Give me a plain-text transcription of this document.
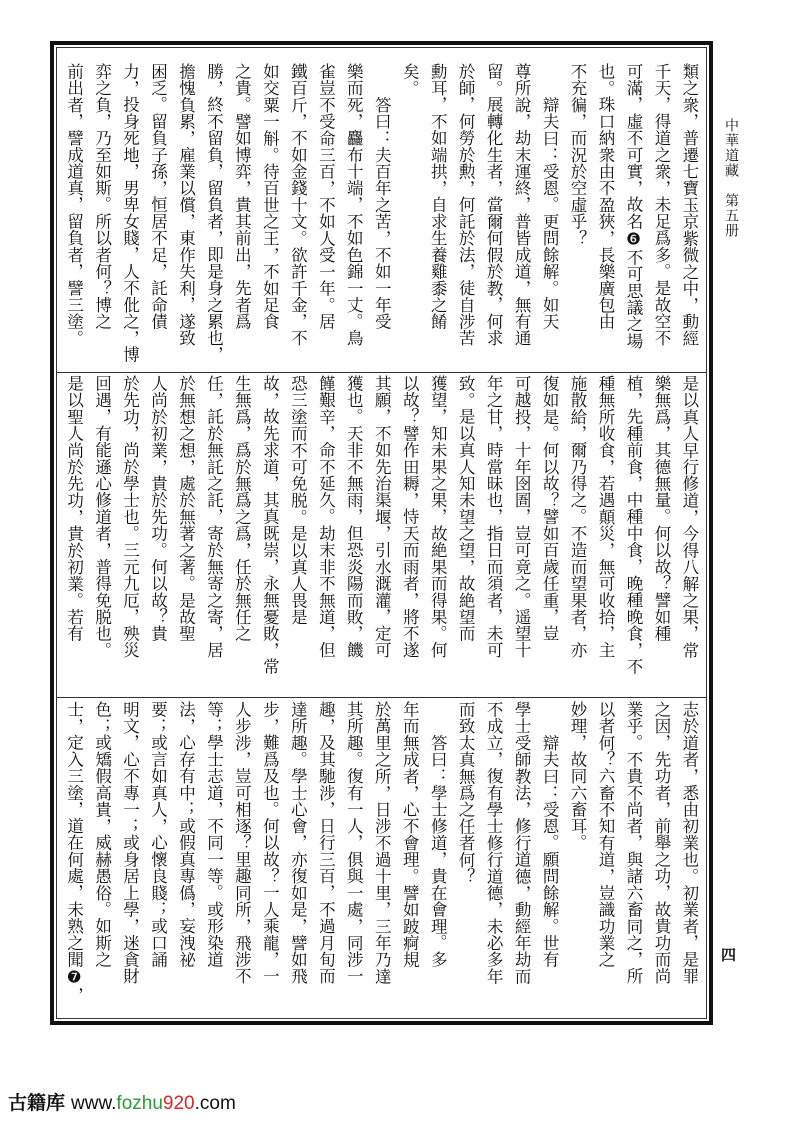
類之衆，普遷七寶玉京紫微之中，動經
千天，得道之衆，未足爲多。是故空不
可滿，虛不可實，故名❻不可思議之場
也。珠口納衆由不盈狹，長樂廣包由
不充徧，而況於空虛乎？
　　辯夫曰：受恩。更問餘解。如天
尊所說，劫末運終，普皆成道，無有通
留。展轉化生者，當爾何假於教，何求
於師，何勞於勲，何託於法，徒自涉苦
勳耳，不如端拱，自求生養雞黍之餚
矣。
　　答曰：夫百年之苦，不如一年受
樂而死，麤布十端，不如色錦一丈。鳥
雀豈不受命三百，不如人受一年。居
鐵百斤，不如金錢十文。欲許千金，不
如交粟一斛。待百世之王，不如足食
之貴。譬如博弈，貴其前出，先者爲
勝，終不留負，留負者，即是身之累也，
擔愧負累，雇業以償，東作失利，遂致
困乏。留負子孫，恒居不足，託命債
力，投身死地，男卑女賤，人不仳之，博
弈之負，乃至如斯。所以者何？博之
前出者，譬成道真，留負者，譬三塗。
是以真人早行修道，今得八解之果，常
樂無爲，其德無量。何以故？譬如種
植，先種前食，中種中食，晚種晚食，不
種無所收食，若遇顛災，無可收拾，主
施散給，爾乃得之。不造而望果者，亦
復如是。何以故？譬如百歲任重，豈
可越投，十年囹圄，豈可竟之。遥望十
年之甘，時當昧也，指日而須者，未可
致。是以真人知未望之望，故絶望而
獲望，知未果之果，故絶果而得果。何
以故？譬作田耨，恃天而雨者，將不遂
其願，不如先治渠堰，引水溉灌，定可
獲也。天非不無雨，但恐炎陽而敗，饑
饉艱辛，命不延久。劫末非不無道，但
恐三塗而不可免脱。是以真人畏是
故，故先求道，其真既崇，永無憂敗，常
生無爲，爲於無爲之爲，任於無任之
任，託於無託之託，寄於無寄之寄，居
於無想之想，處於無著之著。是故聖
人尚於初業，貴於先功。何以故？貴
於先功，尚於學士也。三元九厄，殃災
回遇，有能遜心修道者，普得免脱也。
是以聖人尚於先功，貴於初業。若有
志於道者，悉由初業也。初業者，是罪
之因，先功者，前舉之功，故貴功而尚
業乎。不貴不尚者，與諸六畜同之，所
以者何？六畜不知有道，豈識功業之
妙理，故同六畜耳。
　　辯夫曰：受恩。願問餘解。世有
學士受師教法，修行道德，動經年劫而
不成立，復有學士修行道德，未必多年
而致太真無爲之任者何？
　　答曰：學士修道，貴在會理。多
年而無成者，心不會理。譬如跛痾規
於萬里之所，日涉不過十里，三年乃達
其所趣。復有一人，俱與一處，同涉一
趣，及其馳涉，日行三百，不過月旬而
達所趣。學士心會，亦復如是，譬如飛
步，難爲及也。何以故？一人乘龍，一
人步涉，豈可相逐？里趣同所，飛涉不
等；學士志道，不同一等。或形染道
法，心存有中；或假真專僞，妄洩祕
要；或言如真人，心懷良賤；或口誦
明文，心不專一；或身居上學，迷貪財
色；或矯假高貴，威赫愚俗。如斯之
士，定入三塗，道在何處，未熟之聞❼，
中華道藏　第五册
四
古籍库 www.fozhu920.com
